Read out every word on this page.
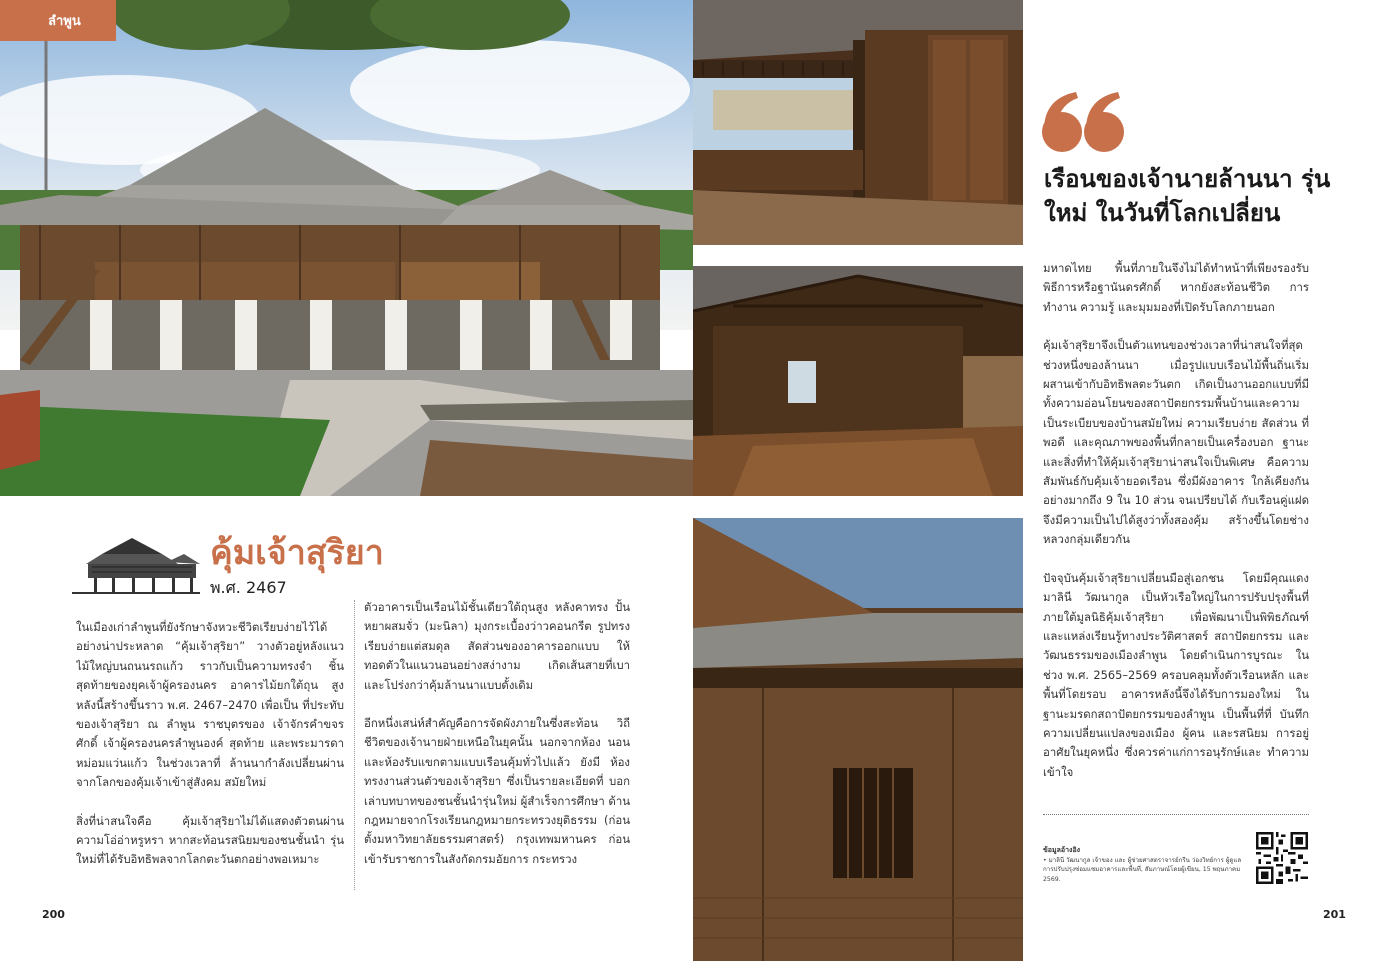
ลำพูน
คุ้มเจ้าสุริยา
พ.ศ. 2467

ในเมืองเก่าลำพูนที่ยังรักษาจังหวะชีวิตเรียบง่ายไว้ได้ อย่างน่าประหลาด “คุ้มเจ้าสุริยา” วางตัวอยู่หลังแนว ไม้ใหญ่บนถนนรถแก้ว ราวกับเป็นความทรงจำ ชิ้นสุดท้ายของยุคเจ้าผู้ครองนคร อาคารไม้ยกใต้ถุน สูง หลังนี้สร้างขึ้นราว พ.ศ. 2467–2470 เพื่อเป็น ที่ประทับของเจ้าสุริยา ณ ลำพูน ราชบุตรของ เจ้าจักรคำขจรศักดิ์ เจ้าผู้ครองนครลำพูนองค์ สุดท้าย และพระมารดาหม่อมแว่นแก้ว ในช่วงเวลาที่ ล้านนากำลังเปลี่ยนผ่านจากโลกของคุ้มเจ้าเข้าสู่สังคม สมัยใหม่

สิ่งที่น่าสนใจคือ คุ้มเจ้าสุริยาไม่ได้แสดงตัวตนผ่าน ความโอ่อ่าหรูหรา หากสะท้อนรสนิยมของชนชั้นนำ รุ่นใหม่ที่ได้รับอิทธิพลจากโลกตะวันตกอย่างพอเหมาะ

ตัวอาคารเป็นเรือนไม้ชั้นเดียวใต้ถุนสูง หลังคาทรง ปั้นหยาผสมจั่ว (มะนิลา) มุงกระเบื้องว่าวคอนกรีต รูปทรงเรียบง่ายแต่สมดุล สัดส่วนของอาคารออกแบบ ให้ทอดตัวในแนวนอนอย่างสง่างาม เกิดเส้นสายที่เบา และโปร่งกว่าคุ้มล้านนาแบบดั้งเดิม

อีกหนึ่งเสน่ห์สำคัญคือการจัดผังภายในซึ่งสะท้อน วิถีชีวิตของเจ้านายฝ่ายเหนือในยุคนั้น นอกจากห้อง นอนและห้องรับแขกตามแบบเรือนคุ้มทั่วไปแล้ว ยังมี ห้องทรงงานส่วนตัวของเจ้าสุริยา ซึ่งเป็นรายละเอียดที่ บอกเล่าบทบาทของชนชั้นนำรุ่นใหม่ ผู้สำเร็จการศึกษา ด้านกฎหมายจากโรงเรียนกฎหมายกระทรวงยุติธรรม (ก่อนตั้งมหาวิทยาลัยธรรมศาสตร์) กรุงเทพมหานคร ก่อนเข้ารับราชการในสังกัดกรมอัยการ กระทรวง

เรือนของเจ้านายล้านนา รุ่นใหม่ ในวันที่โลกเปลี่ยน

มหาดไทย พื้นที่ภายในจึงไม่ได้ทำหน้าที่เพียงรองรับ พิธีการหรือฐานันดรศักดิ์ หากยังสะท้อนชีวิต การทำงาน ความรู้ และมุมมองที่เปิดรับโลกภายนอก

คุ้มเจ้าสุริยาจึงเป็นตัวแทนของช่วงเวลาที่น่าสนใจที่สุด ช่วงหนึ่งของล้านนา เมื่อรูปแบบเรือนไม้พื้นถิ่นเริ่ม ผสานเข้ากับอิทธิพลตะวันตก เกิดเป็นงานออกแบบที่มี ทั้งความอ่อนโยนของสถาปัตยกรรมพื้นบ้านและความ เป็นระเบียบของบ้านสมัยใหม่ ความเรียบง่าย สัดส่วน ที่พอดี และคุณภาพของพื้นที่กลายเป็นเครื่องบอก ฐานะ และสิ่งที่ทำให้คุ้มเจ้าสุริยาน่าสนใจเป็นพิเศษ คือความสัมพันธ์กับคุ้มเจ้ายอดเรือน ซึ่งมีผังอาคาร ใกล้เคียงกันอย่างมากถึง 9 ใน 10 ส่วน จนเปรียบได้ กับเรือนคู่แฝด จึงมีความเป็นไปได้สูงว่าทั้งสองคุ้ม สร้างขึ้นโดยช่างหลวงกลุ่มเดียวกัน

ปัจจุบันคุ้มเจ้าสุริยาเปลี่ยนมือสู่เอกชน โดยมีคุณแดง มาลินี วัฒนากูล เป็นหัวเรือใหญ่ในการปรับปรุงพื้นที่ ภายใต้มูลนิธิคุ้มเจ้าสุริยา เพื่อพัฒนาเป็นพิพิธภัณฑ์ และแหล่งเรียนรู้ทางประวัติศาสตร์ สถาปัตยกรรม และวัฒนธรรมของเมืองลำพูน โดยดำเนินการบูรณะ ในช่วง พ.ศ. 2565–2569 ครอบคลุมทั้งตัวเรือนหลัก และพื้นที่โดยรอบ อาคารหลังนี้จึงได้รับการมองใหม่ ในฐานะมรดกสถาปัตยกรรมของลำพูน เป็นพื้นที่ที่ บันทึกความเปลี่ยนแปลงของเมือง ผู้คน และรสนิยม การอยู่อาศัยในยุคหนึ่ง ซึ่งควรค่าแก่การอนุรักษ์และ ทำความเข้าใจ

ข้อมูลอ้างอิง
• มาลินี วัฒนากูล เจ้าของ และ ผู้ช่วยศาสตราจารย์กรีน ว่องวิทย์การ ผู้ดูแลการปรับปรุงซ่อมแซมอาคารและพื้นที่, สัมภาษณ์โดยผู้เขียน, 15 พฤษภาคม 2569.
200	201
